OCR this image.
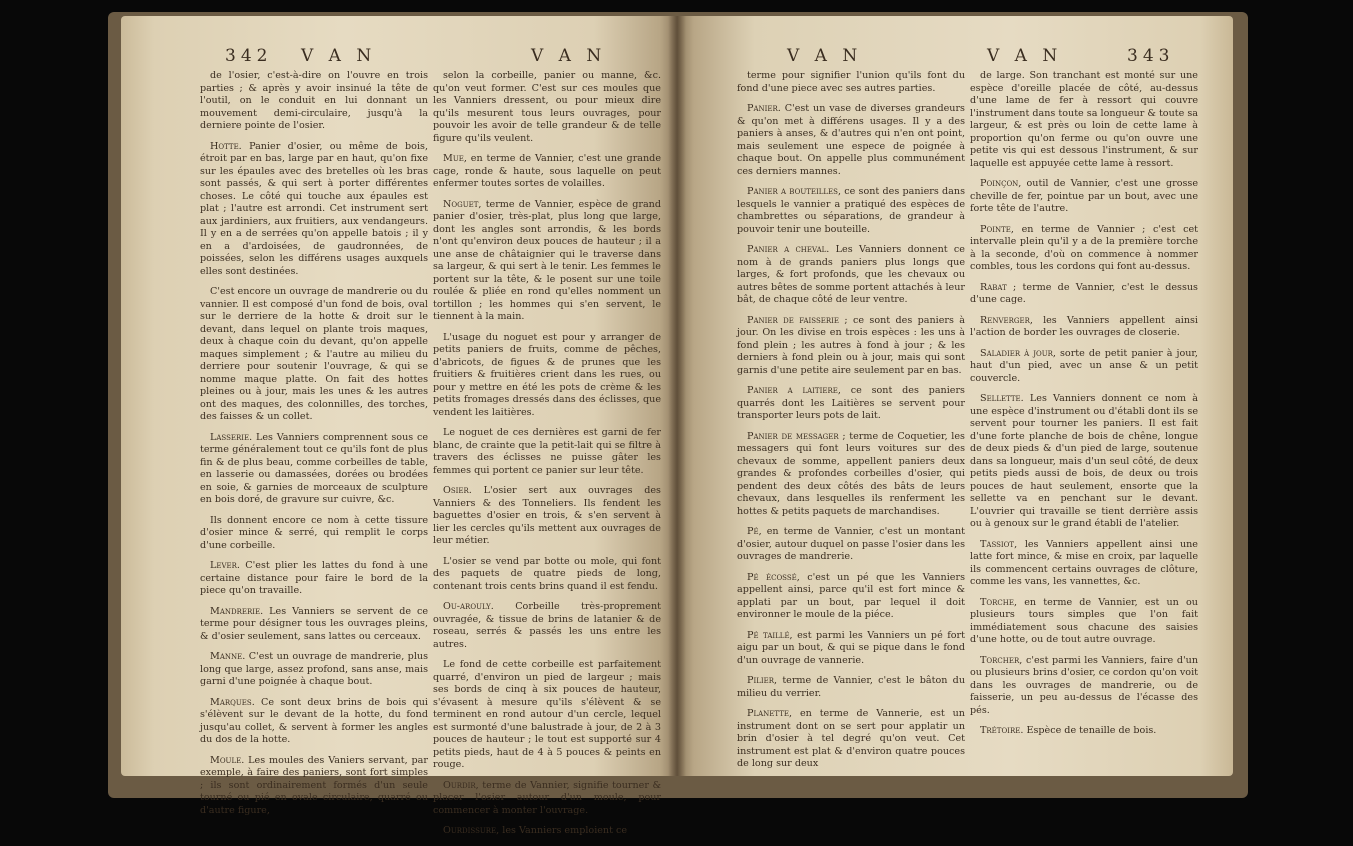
342 V A N	V A N

de l'osier, c'est-à-dire on l'ouvre en trois parties ; & après y avoir insinué la tête de l'outil, on le conduit en lui donnant un mouvement demi-circulaire, jusqu'à la derniere pointe de l'osier.

Hotte. Panier d'osier, ou même de bois, étroit par en bas, large par en haut, qu'on fixe sur les épaules avec des bretelles où les bras sont passés, & qui sert à porter différentes choses. Le côté qui touche aux épaules est plat ; l'autre est arrondi. Cet instrument sert aux jardiniers, aux fruitiers, aux vendangeurs. Il y en a de serrées qu'on appelle batois ; il y en a d'ardoisées, de gaudronnées, de poissées, selon les différens usages auxquels elles sont destinées.

C'est encore un ouvrage de mandrerie ou du vannier. Il est composé d'un fond de bois, oval sur le derriere de la hotte & droit sur le devant, dans lequel on plante trois maques, deux à chaque coin du devant, qu'on appelle maques simplement ; & l'autre au milieu du derriere pour soutenir l'ouvrage, & qui se nomme maque platte. On fait des hottes pleines ou à jour, mais les unes & les autres ont des maques, des colonnilles, des torches, des faisses & un collet.

Lasserie. Les Vanniers comprennent sous ce terme généralement tout ce qu'ils font de plus fin & de plus beau, comme corbeilles de table, en lasserie ou damassées, dorées ou brodées en soie, & garnies de morceaux de sculpture en bois doré, de gravure sur cuivre, &c.

Ils donnent encore ce nom à cette tissure d'osier mince & serré, qui remplit le corps d'une corbeille.

Lever. C'est plier les lattes du fond à une certaine distance pour faire le bord de la piece qu'on travaille.

Mandrerie. Les Vanniers se servent de ce terme pour désigner tous les ouvrages pleins, & d'osier seulement, sans lattes ou cerceaux.

Manne. C'est un ouvrage de mandrerie, plus long que large, assez profond, sans anse, mais garni d'une poignée à chaque bout.

Marques. Ce sont deux brins de bois qui s'élèvent sur le devant de la hotte, du fond jusqu'au collet, & servent à former les angles du dos de la hotte.

Moule. Les moules des Vaniers servant, par exemple, à faire des paniers, sont fort simples ; ils sont ordinairement formés d'un seule tourné ou pié en ovale circulaire, quarré ou d'autre figure,

selon la corbeille, panier ou manne, &c. qu'on veut former. C'est sur ces moules que les Vanniers dressent, ou pour mieux dire qu'ils mesurent tous leurs ouvrages, pour pouvoir les avoir de telle grandeur & de telle figure qu'ils veulent.

Mue, en terme de Vannier, c'est une grande cage, ronde & haute, sous laquelle on peut enfermer toutes sortes de volailles.

Noguet, terme de Vannier, espèce de grand panier d'osier, très-plat, plus long que large, dont les angles sont arrondis, & les bords n'ont qu'environ deux pouces de hauteur ; il a une anse de châtaignier qui le traverse dans sa largeur, & qui sert à le tenir. Les femmes le portent sur la tête, & le posent sur une toile roulée & pliée en rond qu'elles nomment un tortillon ; les hommes qui s'en servent, le tiennent à la main.

L'usage du noguet est pour y arranger de petits paniers de fruits, comme de pêches, d'abricots, de figues & de prunes que les fruitiers & fruitières crient dans les rues, ou pour y mettre en été les pots de crème & les petits fromages dressés dans des éclisses, que vendent les laitières.

Le noguet de ces dernières est garni de fer blanc, de crainte que la petit-lait qui se filtre à travers des éclisses ne puisse gâter les femmes qui portent ce panier sur leur tête.

Osier. L'osier sert aux ouvrages des Vanniers & des Tonneliers. Ils fendent les baguettes d'osier en trois, & s'en servent à lier les cercles qu'ils mettent aux ouvrages de leur métier.

L'osier se vend par botte ou mole, qui font des paquets de quatre pieds de long, contenant trois cents brins quand il est fendu.

Ou-arouly. Corbeille très-proprement ouvragée, & tissue de brins de latanier & de roseau, serrés & passés les uns entre les autres.

Le fond de cette corbeille est parfaitement quarré, d'environ un pied de largeur ; mais ses bords de cinq à six pouces de hauteur, s'évasent à mesure qu'ils s'élèvent & se terminent en rond autour d'un cercle, lequel est surmonté d'une balustrade à jour, de 2 à 3 pouces de hauteur ; le tout est supporté sur 4 petits pieds, haut de 4 à 5 pouces & peints en rouge.

Ourdir, terme de Vannier, signifie tourner & placer l'osier autour d'un moule, pour commencer à monter l'ouvrage.

Ourdissure, les Vanniers emploient ce

V A N	V A N	343

terme pour signifier l'union qu'ils font du fond d'une piece avec ses autres parties.

Panier. C'est un vase de diverses grandeurs & qu'on met à différens usages. Il y a des paniers à anses, & d'autres qui n'en ont point, mais seulement une espece de poignée à chaque bout. On appelle plus communément ces derniers mannes.

Panier a bouteilles, ce sont des paniers dans lesquels le vannier a pratiqué des espèces de chambrettes ou séparations, de grandeur à pouvoir tenir une bouteille.

Panier a cheval. Les Vanniers donnent ce nom à de grands paniers plus longs que larges, & fort profonds, que les chevaux ou autres bêtes de somme portent attachés à leur bât, de chaque côté de leur ventre.

Panier de faisserie ; ce sont des paniers à jour. On les divise en trois espèces : les uns à fond plein ; les autres à fond à jour ; & les derniers à fond plein ou à jour, mais qui sont garnis d'une petite aire seulement par en bas.

Panier a laitiere, ce sont des paniers quarrés dont les Laitières se servent pour transporter leurs pots de lait.

Panier de messager ; terme de Coquetier, les messagers qui font leurs voitures sur des chevaux de somme, appellent paniers deux grandes & profondes corbeilles d'osier, qui pendent des deux côtés des bâts de leurs chevaux, dans lesquelles ils renferment les hottes & petits paquets de marchandises.

Pé, en terme de Vannier, c'est un montant d'osier, autour duquel on passe l'osier dans les ouvrages de mandrerie.

Pé écossé, c'est un pé que les Vanniers appellent ainsi, parce qu'il est fort mince & applati par un bout, par lequel il doit environner le moule de la piéce.

Pé taillé, est parmi les Vanniers un pé fort aigu par un bout, & qui se pique dans le fond d'un ouvrage de vannerie.

Pilier, terme de Vannier, c'est le bâton du milieu du verrier.

Planette, en terme de Vannerie, est un instrument dont on se sert pour applatir un brin d'osier à tel degré qu'on veut. Cet instrument est plat & d'environ quatre pouces de long sur deux

de large. Son tranchant est monté sur une espèce d'oreille placée de côté, au-dessus d'une lame de fer à ressort qui couvre l'instrument dans toute sa longueur & toute sa largeur, & est près ou loin de cette lame à proportion qu'on ferme ou qu'on ouvre une petite vis qui est dessous l'instrument, & sur laquelle est appuyée cette lame à ressort.

Poinçon, outil de Vannier, c'est une grosse cheville de fer, pointue par un bout, avec une forte tête de l'autre.

Pointe, en terme de Vannier ; c'est cet intervalle plein qu'il y a de la première torche à la seconde, d'où on commence à nommer combles, tous les cordons qui font au-dessus.

Rabat ; terme de Vannier, c'est le dessus d'une cage.

Renverger, les Vanniers appellent ainsi l'action de border les ouvrages de closerie.

Saladier à jour, sorte de petit panier à jour, haut d'un pied, avec un anse & un petit couvercle.

Sellette. Les Vanniers donnent ce nom à une espèce d'instrument ou d'établi dont ils se servent pour tourner les paniers. Il est fait d'une forte planche de bois de chêne, longue de deux pieds & d'un pied de large, soutenue dans sa longueur, mais d'un seul côté, de deux petits pieds aussi de bois, de deux ou trois pouces de haut seulement, ensorte que la sellette va en penchant sur le devant. L'ouvrier qui travaille se tient derrière assis ou à genoux sur le grand établi de l'atelier.

Tassiot, les Vanniers appellent ainsi une latte fort mince, & mise en croix, par laquelle ils commencent certains ouvrages de clôture, comme les vans, les vannettes, &c.

Torche, en terme de Vannier, est un ou plusieurs tours simples que l'on fait immédiatement sous chacune des saisies d'une hotte, ou de tout autre ouvrage.

Torcher, c'est parmi les Vanniers, faire d'un ou plusieurs brins d'osier, ce cordon qu'on voit dans les ouvrages de mandrerie, ou de faisserie, un peu au-dessus de l'écasse des pés.

Trétoire. Espèce de tenaille de bois.
